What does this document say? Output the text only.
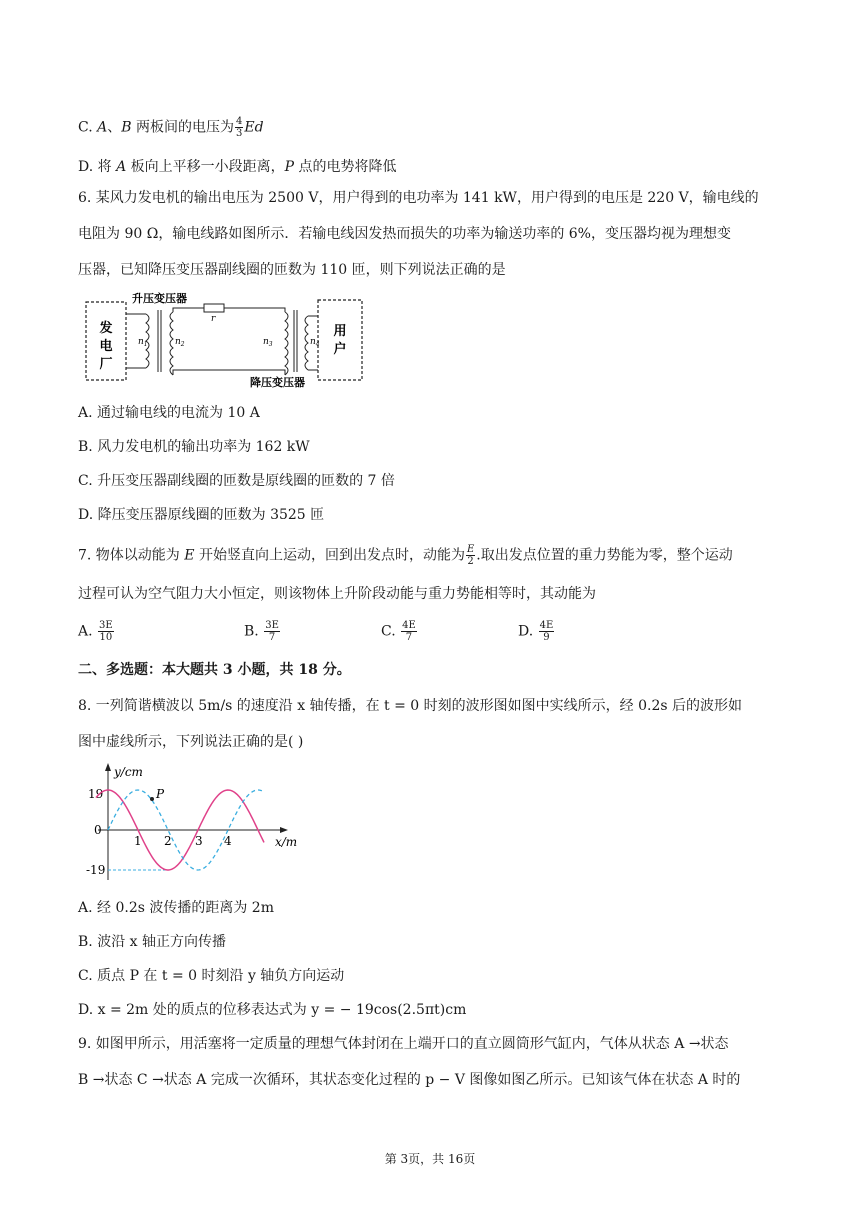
C. A、B 两板间的电压为 $\frac{4}{3}$ Ed
D. 将 A 板向上平移一小段距离，P 点的电势将降低
6. 某风力发电机的输出电压为 2500 V，用户得到的电功率为 141 kW，用户得到的电压是 220 V，输电线的
电阻为 90 Ω，输电线路如图所示．若输电线因发热而损失的功率为输送功率的 6%，变压器均视为理想变
压器，已知降压变压器副线圈的匝数为 110 匝，则下列说法正确的是
发
电
厂
用
户
升压变压器
$n_1$	$n_2$
r
$n_3$	$n_4$
降压变压器
A. 通过输电线的电流为 10 A
B. 风力发电机的输出功率为 162 kW
C. 升压变压器副线圈的匝数是原线圈的匝数的 7 倍
D. 降压变压器原线圈的匝数为 3525 匝
7. 物体以动能为 E 开始竖直向上运动，回到出发点时，动能为 $\frac{E}{2}$ .取出发点位置的重力势能为零，整个运动
过程可认为空气阻力大小恒定，则该物体上升阶段动能与重力势能相等时，其动能为
A. $\frac{3E}{10}$	B. $\frac{3E}{7}$	C. $\frac{4E}{7}$	D. $\frac{4E}{9}$
二、多选题：本大题共 3 小题，共 18 分。
8. 一列简谐横波以 5m/s 的速度沿 x 轴传播，在 t = 0 时刻的波形图如图中实线所示，经 0.2s 后的波形如
图中虚线所示，下列说法正确的是( )
y/cm
x/m
19
0
-19
1 2 3 4
P
A. 经 0.2s 波传播的距离为 2m
B. 波沿 x 轴正方向传播
C. 质点 P 在 t = 0 时刻沿 y 轴负方向运动
D. x = 2m 处的质点的位移表达式为 y = − 19cos(2.5πt)cm
9. 如图甲所示，用活塞将一定质量的理想气体封闭在上端开口的直立圆筒形气缸内，气体从状态 A →状态
B →状态 C →状态 A 完成一次循环，其状态变化过程的 p − V 图像如图乙所示。已知该气体在状态 A 时的
第 3页，共 16页
